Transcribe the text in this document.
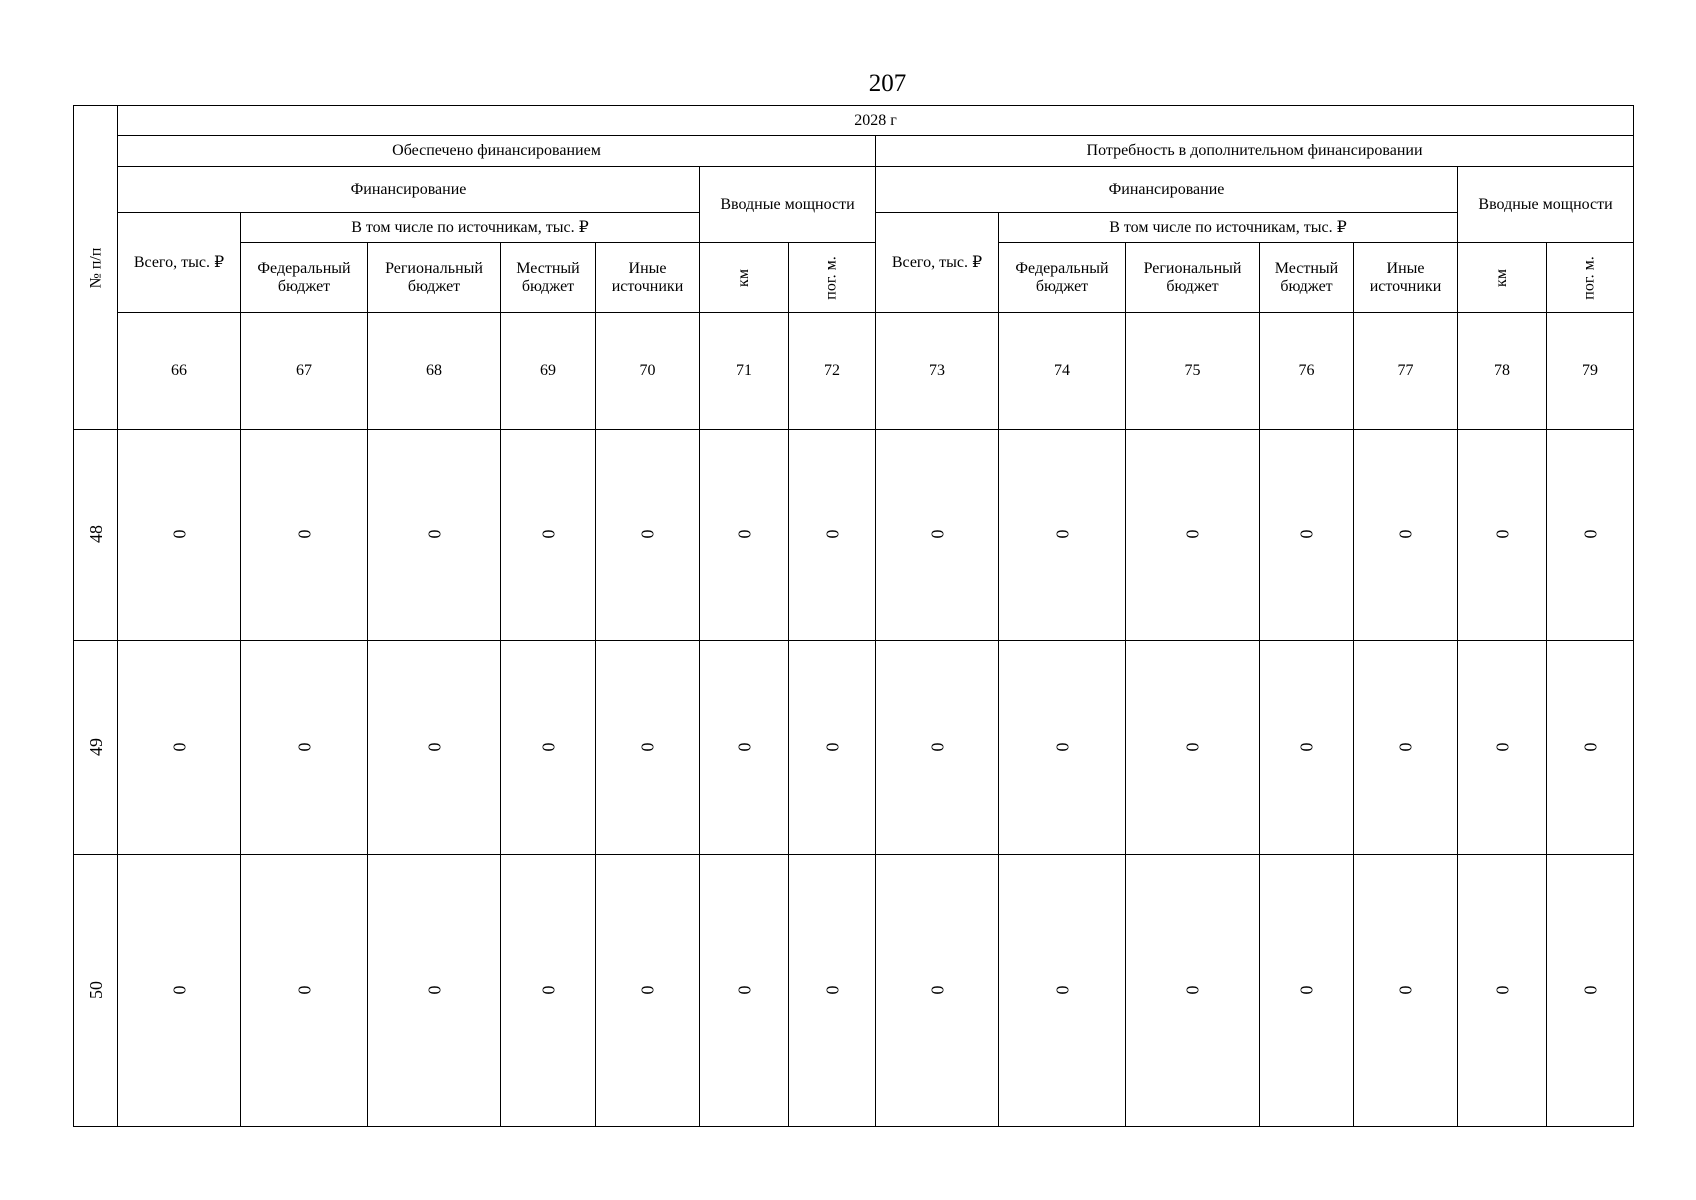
207
№ п/п	2028 г													
	Обеспечено финансированием							Потребность в дополнительном финансировании						
	Финансирование					Вводные мощности		Финансирование					Вводные мощности	
	Всего, тыс. ₽	В том числе по источникам, тыс. ₽						Всего, тыс. ₽	В том числе по источникам, тыс. ₽					
		Федеральный бюджет	Региональный бюджет	Местный бюджет	Иные источники	км	пог. м.		Федеральный бюджет	Региональный бюджет	Местный бюджет	Иные источники	км	пог. м.
	66	67	68	69	70	71	72	73	74	75	76	77	78	79
48	0	0	0	0	0	0	0	0	0	0	0	0	0	0
49	0	0	0	0	0	0	0	0	0	0	0	0	0	0
50	0	0	0	0	0	0	0	0	0	0	0	0	0	0
